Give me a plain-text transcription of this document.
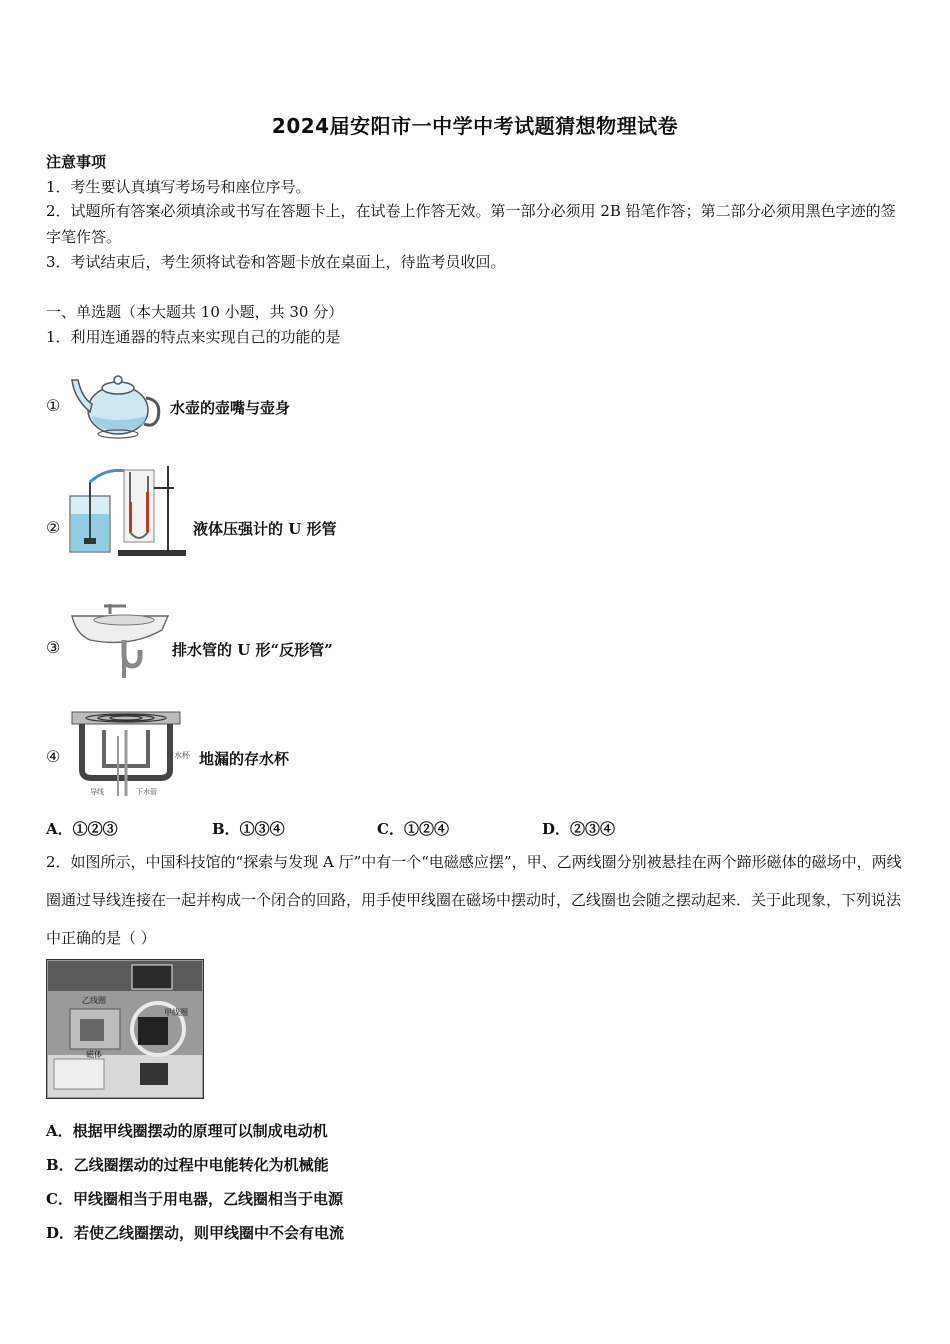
2024届安阳市一中学中考试题猜想物理试卷
注意事项
1．考生要认真填写考场号和座位序号。
2．试题所有答案必须填涂或书写在答题卡上，在试卷上作答无效。第一部分必须用 2B 铅笔作答；第二部分必须用黑色字迹的签字笔作答。
3．考试结束后，考生须将试卷和答题卡放在桌面上，待监考员收回。
一、单选题（本大题共 10 小题，共 30 分）
1．利用连通器的特点来实现自己的功能的是
①	水壶的壶嘴与壶身
②	液体压强计的 U 形管
③	排水管的 U 形“反形管”
④	存水杯
导线	下水管
地漏的存水杯
A．①②③	B．①③④	C．①②④	D．②③④
2．如图所示，中国科技馆的“探索与发现 A 厅”中有一个“电磁感应摆”，甲、乙两线圈分别被悬挂在两个蹄形磁体的磁场中，两线圈通过导线连接在一起并构成一个闭合的回路，用手使甲线圈在磁场中摆动时，乙线圈也会随之摆动起来．关于此现象，下列说法中正确的是（ ）
乙线圈
甲线圈
磁体
A．根据甲线圈摆动的原理可以制成电动机
B．乙线圈摆动的过程中电能转化为机械能
C．甲线圈相当于用电器，乙线圈相当于电源
D．若使乙线圈摆动，则甲线圈中不会有电流
